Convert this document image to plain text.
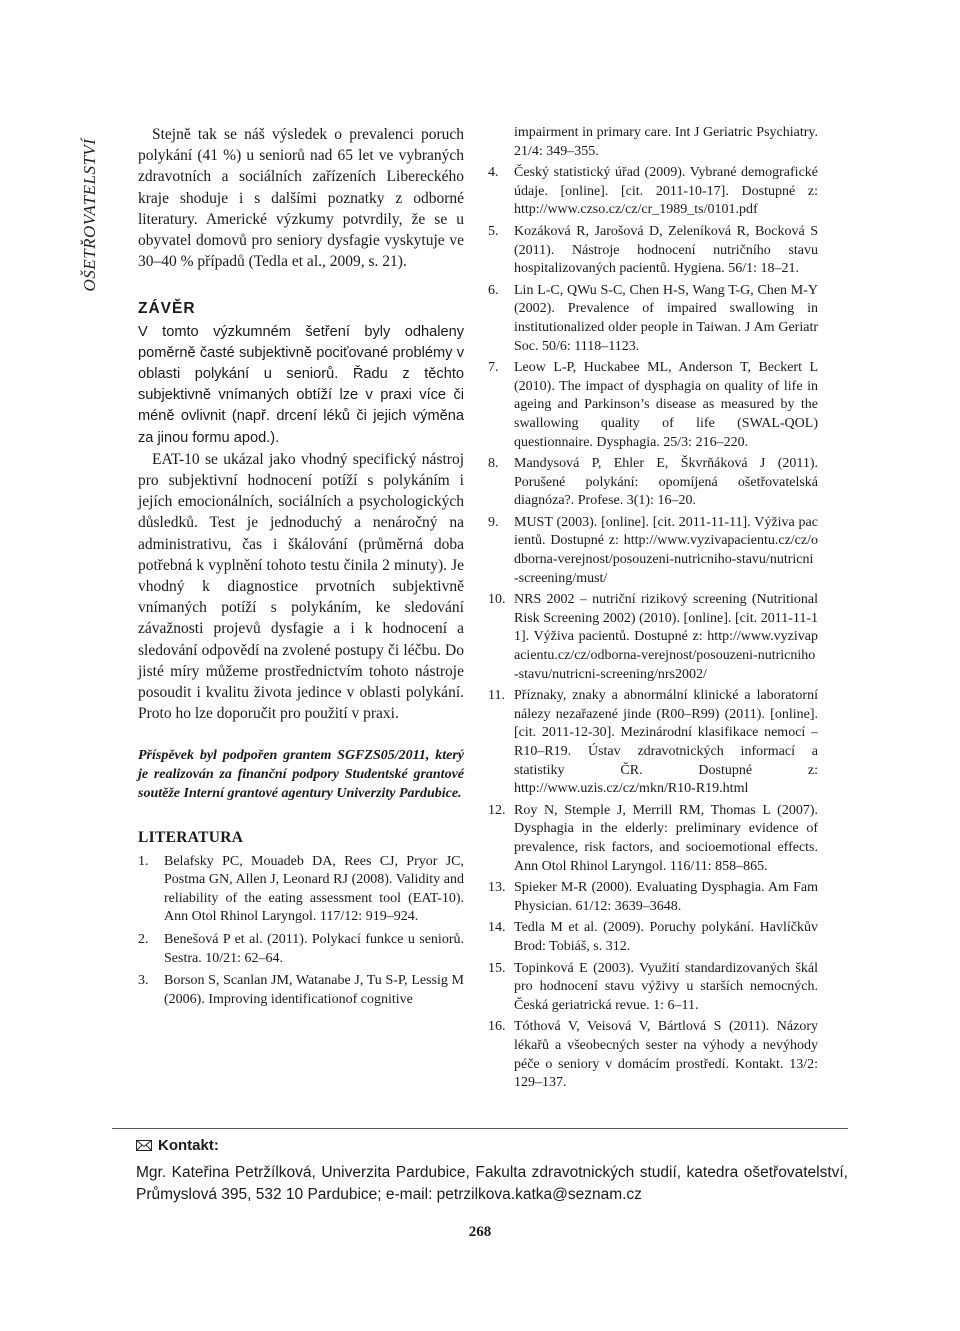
OŠETŘOVATELSTVÍ

Stejně tak se náš výsledek o prevalenci poruch polykání (41 %) u seniorů nad 65 let ve vybraných zdravotních a sociálních zařízeních Libereckého kraje shoduje i s dalšími poznatky z odborné literatury. Americké výzkumy potvrdily, že se u obyvatel domovů pro seniory dysfagie vyskytuje ve 30–40 % případů (Tedla et al., 2009, s. 21).

ZÁVĚR

V tomto výzkumném šetření byly odhaleny poměrně časté subjektivně pociťované problémy v oblasti polykání u seniorů. Řadu z těchto subjektivně vnímaných obtíží lze v praxi více či méně ovlivnit (např. drcení léků či jejich výměna za jinou formu apod.).

EAT-10 se ukázal jako vhodný specifický nástroj pro subjektivní hodnocení potíží s polykáním i jejích emocionálních, sociálních a psychologických důsledků. Test je jednoduchý a nenáročný na administrativu, čas i škálování (průměrná doba potřebná k vyplnění tohoto testu činila 2 minuty). Je vhodný k diagnostice prvotních subjektivně vnímaných potíží s polykáním, ke sledování závažnosti projevů dysfagie a i k hodnocení a sledování odpovědí na zvolené postupy či léčbu. Do jisté míry můžeme prostřednictvím tohoto nástroje posoudit i kvalitu života jedince v oblasti polykání. Proto ho lze doporučit pro použití v praxi.

Příspěvek byl podpořen grantem SGFZS05/2011, který je realizován za finanční podpory Studentské grantové soutěže Interní grantové agentury Univerzity Pardubice.

LITERATURA
1.	Belafsky PC, Mouadeb DA, Rees CJ, Pryor JC, Postma GN, Allen J, Leonard RJ (2008). Validity and reliability of the eating assessment tool (EAT-10). Ann Otol Rhinol Laryngol. 117/12: 919–924.
2.	Benešová P et al. (2011). Polykací funkce u seniorů. Sestra. 10/21: 62–64.
3.	Borson S, Scanlan JM, Watanabe J, Tu S-P, Lessig M (2006). Improving identificationof cognitive
impairment in primary care. Int J Geriatric Psychiatry. 21/4: 349–355.
4.	Český statistický úřad (2009). Vybrané demografické údaje. [online]. [cit. 2011-10-17]. Dostupné z: http://www.czso.cz/cz/cr_1989_ts/0101.pdf
5.	Kozáková R, Jarošová D, Zeleníková R, Bocková S (2011). Nástroje hodnocení nutričního stavu hospitalizovaných pacientů. Hygiena. 56/1: 18–21.
6.	Lin L-C, QWu S-C, Chen H-S, Wang T-G, Chen M-Y (2002). Prevalence of impaired swallowing in institutionalized older people in Taiwan. J Am Geriatr Soc. 50/6: 1118–1123.
7.	Leow L-P, Huckabee ML, Anderson T, Beckert L (2010). The impact of dysphagia on quality of life in ageing and Parkinson’s disease as measured by the swallowing quality of life (SWAL-QOL) questionnaire. Dysphagia. 25/3: 216–220.
8.	Mandysová P, Ehler E, Škvrňáková J (2011). Porušené polykání: opomíjená ošetřovatelská diagnóza?. Profese. 3(1): 16–20.
9.	MUST (2003). [online]. [cit. 2011-11-11]. Výživa pacientů. Dostupné z: http://www.vyzivapacientu.cz/cz/odborna-verejnost/posouzeni-nutricniho-stavu/nutricni-screening/must/
10. NRS 2002 – nutriční rizikový screening (Nutritional Risk Screening 2002) (2010). [online]. [cit. 2011-11-11]. Výživa pacientů. Dostupné z: http://www.vyzivapacientu.cz/cz/odborna-verejnost/posouzeni-nutricniho-stavu/nutricni-screening/nrs2002/
11. Příznaky, znaky a abnormální klinické a laboratorní nálezy nezařazené jinde (R00–R99) (2011). [online]. [cit. 2011-12-30]. Mezinárodní klasifikace nemocí – R10–R19. Ústav zdravotnických informací a statistiky ČR. Dostupné z: http://www.uzis.cz/cz/mkn/R10-R19.html
12. Roy N, Stemple J, Merrill RM, Thomas L (2007). Dysphagia in the elderly: preliminary evidence of prevalence, risk factors, and socioemotional effects. Ann Otol Rhinol Laryngol. 116/11: 858–865.
13. Spieker M-R (2000). Evaluating Dysphagia. Am Fam Physician. 61/12: 3639–3648.
14. Tedla M et al. (2009). Poruchy polykání. Havlíčkův Brod: Tobiáš, s. 312.
15. Topinková E (2003). Využití standardizovaných škál pro hodnocení stavu výživy u starších nemocných. Česká geriatrická revue. 1: 6–11.
16. Tóthová V, Veisová V, Bártlová S (2011). Názory lékařů a všeobecných sester na výhody a nevýhody péče o seniory v domácím prostředí. Kontakt. 13/2: 129–137.
Kontakt:
Mgr. Kateřina Petržílková, Univerzita Pardubice, Fakulta zdravotnických studií, katedra ošetřovatelství, Průmyslová 395, 532 10 Pardubice; e-mail: petrzilkova.katka@seznam.cz
268
